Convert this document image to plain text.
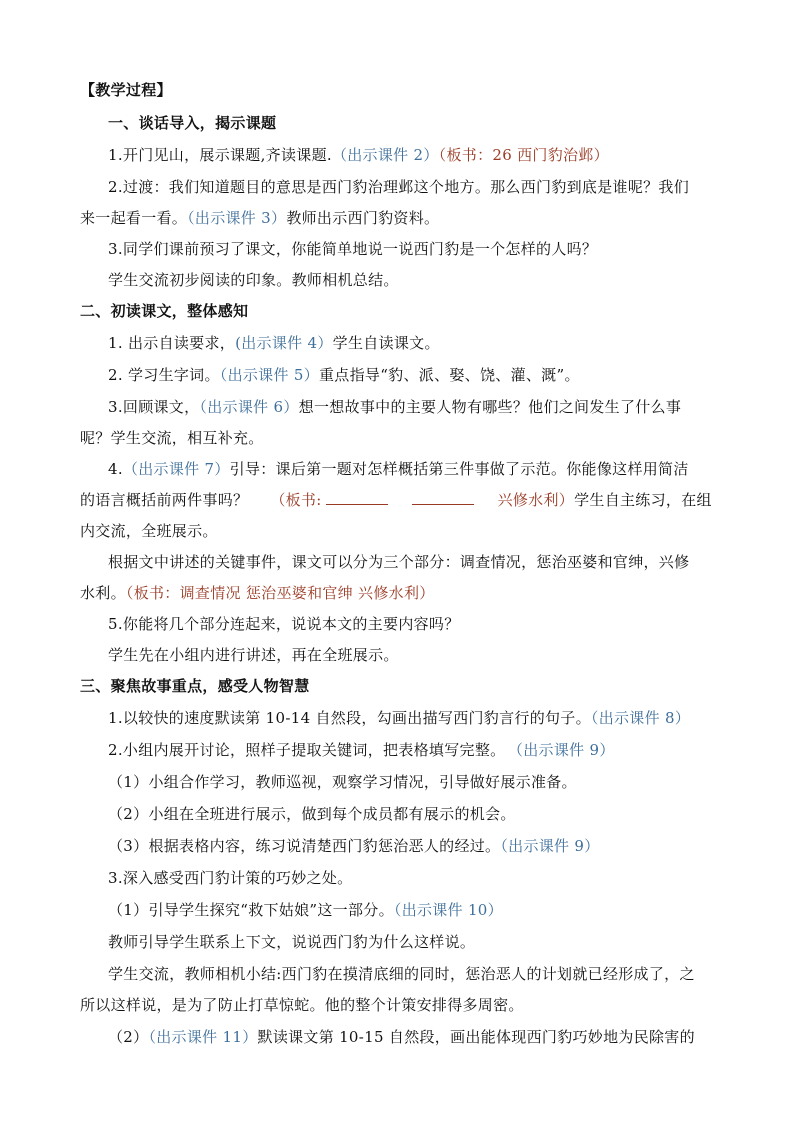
【教学过程】
一、谈话导入，揭示课题
1.开门见山，展示课题,齐读课题.（出示课件 2）（板书：26 西门豹治邺）
2.过渡：我们知道题目的意思是西门豹治理邺这个地方。那么西门豹到底是谁呢？我们
来一起看一看。（出示课件 3）教师出示西门豹资料。
3.同学们课前预习了课文，你能简单地说一说西门豹是一个怎样的人吗？
学生交流初步阅读的印象。教师相机总结。
二、初读课文，整体感知
1. 出示自读要求，(出示课件 4）学生自读课文。
2. 学习生字词。（出示课件 5）重点指导“豹、派、娶、饶、灌、溉”。
3.回顾课文，（出示课件 6）想一想故事中的主要人物有哪些？他们之间发生了什么事
呢？学生交流，相互补充。
4.（出示课件 7）引导：课后第一题对怎样概括第三件事做了示范。你能像这样用简洁
的语言概括前两件事吗？ （板书:	兴修水利）学生自主练习，在组
内交流，全班展示。
根据文中讲述的关键事件，课文可以分为三个部分：调查情况，惩治巫婆和官绅，兴修
水利。（板书：调查情况 惩治巫婆和官绅 兴修水利）
5.你能将几个部分连起来，说说本文的主要内容吗？
学生先在小组内进行讲述，再在全班展示。
三、聚焦故事重点，感受人物智慧
1.以较快的速度默读第 10-14 自然段，勾画出描写西门豹言行的句子。（出示课件 8）
2.小组内展开讨论，照样子提取关键词，把表格填写完整。 （出示课件 9）
（1）小组合作学习，教师巡视，观察学习情况，引导做好展示准备。
（2）小组在全班进行展示，做到每个成员都有展示的机会。
（3）根据表格内容，练习说清楚西门豹惩治恶人的经过。（出示课件 9）
3.深入感受西门豹计策的巧妙之处。
（1）引导学生探究“救下姑娘”这一部分。（出示课件 10）
教师引导学生联系上下文，说说西门豹为什么这样说。
学生交流，教师相机小结:西门豹在摸清底细的同时，惩治恶人的计划就已经形成了，之
所以这样说，是为了防止打草惊蛇。他的整个计策安排得多周密。
（2）（出示课件 11）默读课文第 10-15 自然段，画出能体现西门豹巧妙地为民除害的
